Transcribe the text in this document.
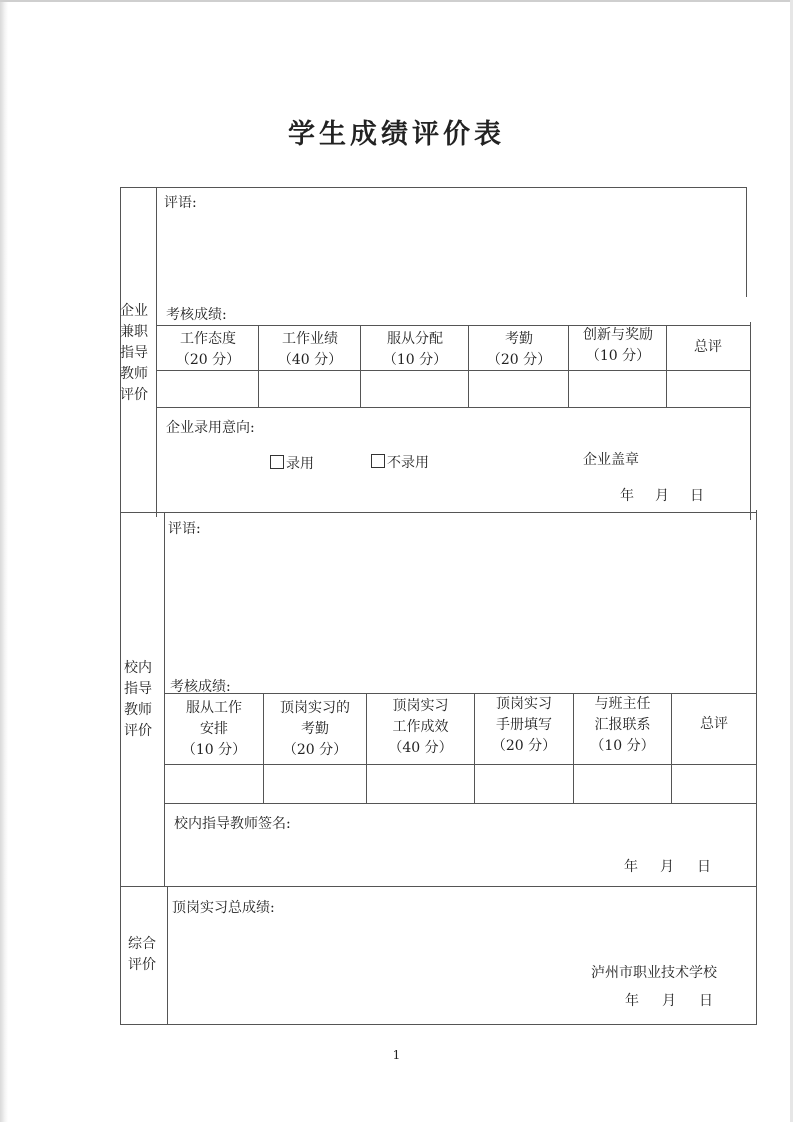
学生成绩评价表
企业
兼职
指导
教师
评价
评语:
考核成绩:
工作态度
（20 分）
工作业绩
（40 分）
服从分配
（10 分）
考勤
（20 分）
创新与奖励
（10 分）
总评
企业录用意向:
录用	不录用	企业盖章
年 月 日
校内
指导
教师
评价
评语:
考核成绩:
服从工作
安排
（10 分）
顶岗实习的
考勤
（20 分）
顶岗实习
工作成效
（40 分）
顶岗实习
手册填写
（20 分）
与班主任
汇报联系
（10 分）
总评
校内指导教师签名:
年 月 日
综合
评价
顶岗实习总成绩:
泸州市职业技术学校
年 月 日
1
